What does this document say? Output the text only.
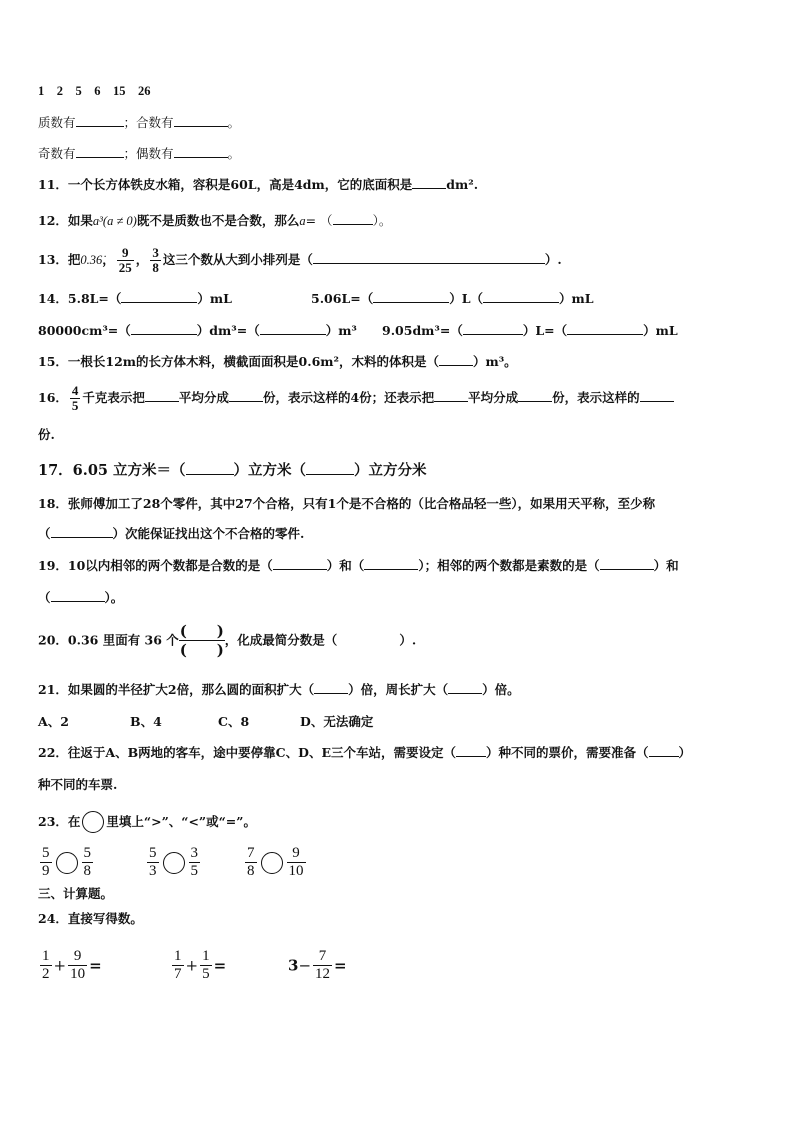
1　2　5　6　15　26
质数有	；合数有	。
奇数有	；偶数有	。
11．一个长方体铁皮水箱，容积是60L，高是4dm，它的底面积是	dm².
12．如果a³(a ≠ 0)既不是质数也不是合数，那么a= （	）。
13．把0.36̇， $\frac{9}{25}$ ， $\frac{3}{8}$ 这三个数从大到小排列是（	）.
14．5.8L=（	）mL	5.06L=（	）L（	）mL
80000cm³=（	）dm³=（	）m³ 9.05dm³=（	）L=（	）mL
15．一根长12m的长方体木料，横截面面积是0.6m²，木料的体积是（	）m³。
16． $\frac{4}{5}$ 千克表示把	平均分成	份，表示这样的4份；还表示把	平均分成	份，表示这样的
份.
17．6.05 立方米＝（	）立方米（	）立方分米
18．张师傅加工了28个零件，其中27个合格，只有1个是不合格的（比合格品轻一些），如果用天平称，至少称
（	）次能保证找出这个不合格的零件.
19．10以内相邻的两个数都是合数的是（	）和（	）；相邻的两个数都是素数的是（	）和
（	）。
20．0.36 里面有 36 个 (　　)
(　　)
，化成最简分数是（	）.
21．如果圆的半径扩大2倍，那么圆的面积扩大（	）倍，周长扩大（	）倍。
A、2	B、4	C、8	D、无法确定
22．往返于A、B两地的客车，途中要停靠C、D、E三个车站，需要设定（ ）种不同的票价，需要准备（ ）
种不同的车票.
23．在 里填上“>”、“<”或“=”。
$\frac{5}{9} \frac{5}{8}$	$\frac{5}{3} \frac{3}{5}$	$\frac{7}{8} \frac{9}{10}$
三、计算题。
24．直接写得数。
$\frac{1}{2} + \frac{9}{10}$ =	$\frac{1}{7} + \frac{1}{5}$ =	$3- \frac{7}{12}$ =
